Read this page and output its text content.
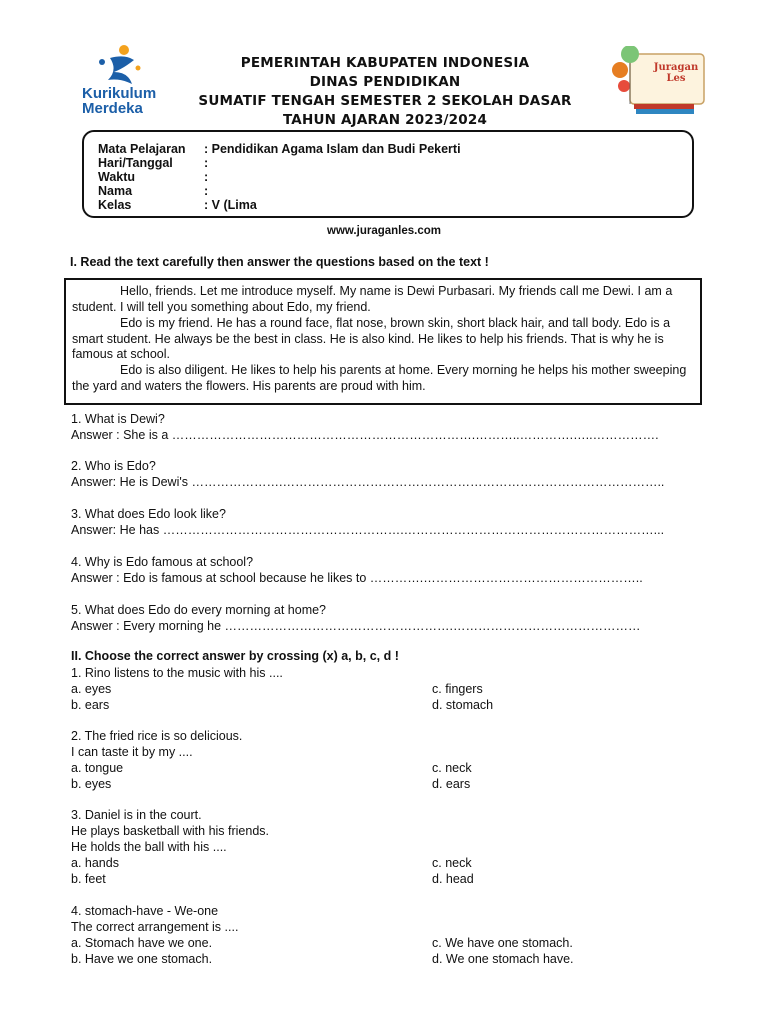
Kurikulum
Merdeka
Juragan
Les
PEMERINTAH KABUPATEN INDONESIA
DINAS PENDIDIKAN
SUMATIF TENGAH SEMESTER 2 SEKOLAH DASAR
TAHUN AJARAN 2023/2024
Mata Pelajaran : Pendidikan Agama Islam dan Budi Pekerti
Hari/Tanggal :
Waktu	:
Nama	:
Kelas	: V (Lima
www.juraganles.com
I. Read the text carefully then answer the questions based on the text !
Hello, friends. Let me introduce myself. My name is Dewi Purbasari. My friends call me Dewi. I am a student. I will tell you something about Edo, my friend.
Edo is my friend. He has a round face, flat nose, brown skin, short black hair, and tall body. Edo is a smart student. He always be the best in class. He is also kind. He likes to help his friends. That is why he is famous at school.
Edo is also diligent. He likes to help his parents at home. Every morning he helps his mother sweeping the yard and waters the flowers. His parents are proud with him.
1. What is Dewi?
Answer : She is a ……………………………………………………………….………..………….…..…………….
2. Who is Edo?
Answer: He is Dewi's ………………….………………………………………………………………………………..
3. What does Edo look like?
Answer: He has ………………………………………………….……………………………………………………...
4. Why is Edo famous at school?
Answer : Edo is famous at school because he likes to ………….……………………………………………..
5. What does Edo do every morning at home?
Answer : Every morning he ……………………………………………….………………………………………
II. Choose the correct answer by crossing (x) a, b, c, d !
1. Rino listens to the music with his ....
a. eyes
b. ears
c. fingers
d. stomach
2. The fried rice is so delicious.
I can taste it by my ....
a. tongue
b. eyes
c. neck
d. ears
3. Daniel is in the court.
He plays basketball with his friends.
He holds the ball with his ....
a. hands
b. feet
c. neck
d. head
4. stomach-have - We-one
The correct arrangement is ....
a. Stomach have we one.
b. Have we one stomach.
c. We have one stomach.
d. We one stomach have.
